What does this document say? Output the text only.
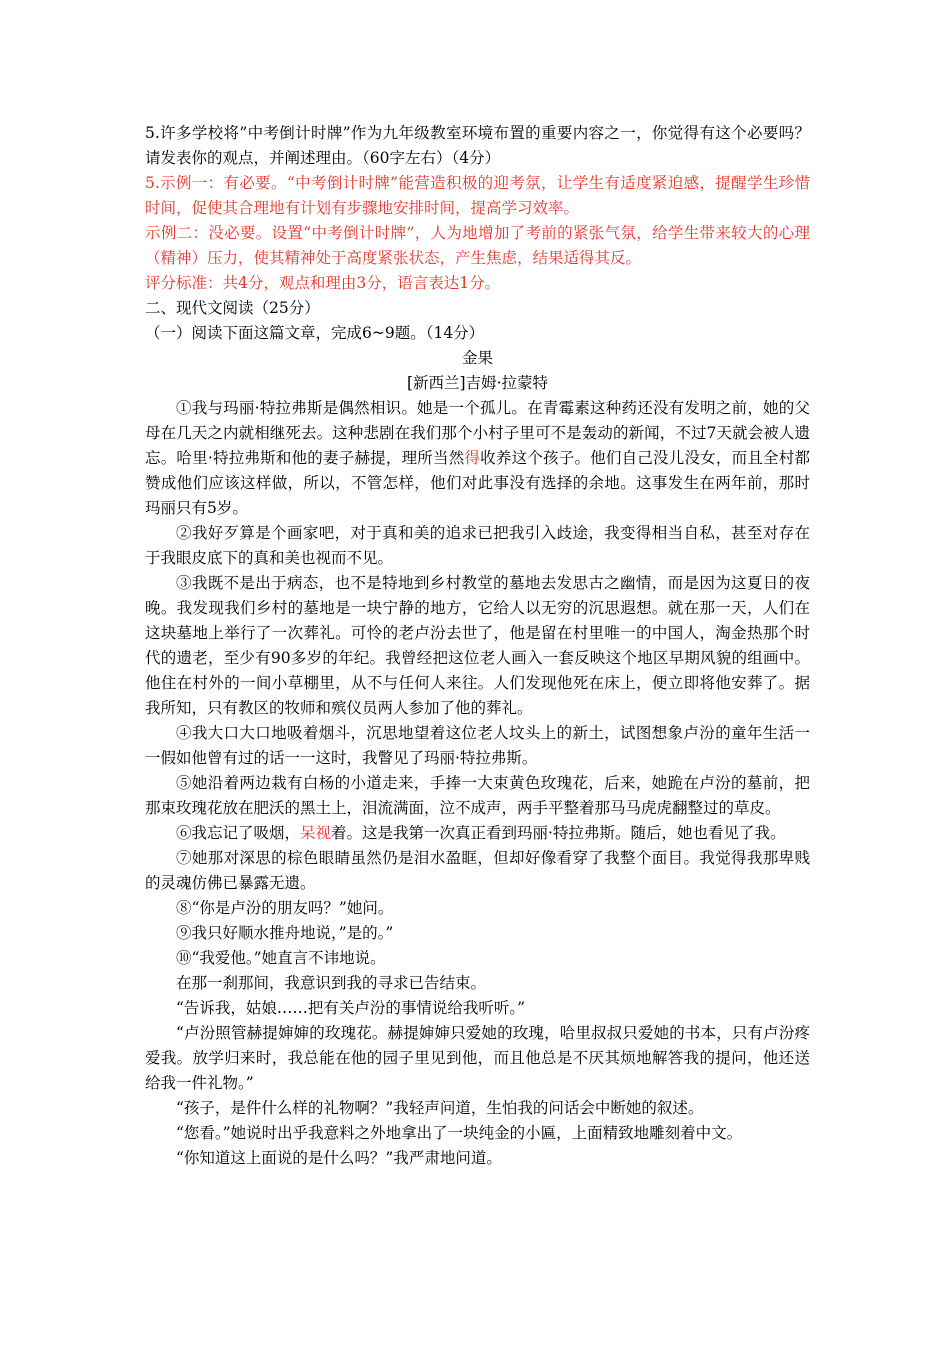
5.许多学校将”中考倒计时牌”作为九年级教室环境布置的重要内容之一，你觉得有这个必要吗？请发表你的观点，并阐述理由。（60字左右）（4分）

5.示例一：有必要。“中考倒计时牌”能营造积极的迎考氛，让学生有适度紧迫感，提醒学生珍惜时间，促使其合理地有计划有步骤地安排时间，提高学习效率。

示例二：没必要。设置“中考倒计时牌”，人为地增加了考前的紧张气氛，给学生带来较大的心理（精神）压力，使其精神处于高度紧张状态，产生焦虑，结果适得其反。

评分标准：共4分，观点和理由3分，语言表达1分。

二、现代文阅读（25分）

（一）阅读下面这篇文章，完成6~9题。（14分）

金果

[新西兰]吉姆·拉蒙特

①我与玛丽·特拉弗斯是偶然相识。她是一个孤儿。在青霉素这种药还没有发明之前，她的父母在几天之内就相继死去。这种悲剧在我们那个小村子里可不是轰动的新闻，不过7天就会被人遗忘。哈里·特拉弗斯和他的妻子赫提，理所当然得收养这个孩子。他们自己没儿没女，而且全村都赞成他们应该这样做，所以，不管怎样，他们对此事没有选择的余地。这事发生在两年前，那时玛丽只有5岁。

②我好歹算是个画家吧，对于真和美的追求已把我引入歧途，我变得相当自私，甚至对存在于我眼皮底下的真和美也视而不见。

③我既不是出于病态，也不是特地到乡村教堂的墓地去发思古之幽情，而是因为这夏日的夜晚。我发现我们乡村的墓地是一块宁静的地方，它给人以无穷的沉思遐想。就在那一天，人们在这块墓地上举行了一次葬礼。可怜的老卢汾去世了，他是留在村里唯一的中国人，淘金热那个时代的遗老，至少有90多岁的年纪。我曾经把这位老人画入一套反映这个地区早期风貌的组画中。他住在村外的一间小草棚里，从不与任何人来往。人们发现他死在床上，便立即将他安葬了。据我所知，只有教区的牧师和殡仪员两人参加了他的葬礼。

④我大口大口地吸着烟斗，沉思地望着这位老人坟头上的新土，试图想象卢汾的童年生活一一假如他曾有过的话一一这时，我瞥见了玛丽·特拉弗斯。

⑤她沿着两边栽有白杨的小道走来，手捧一大束黄色玫瑰花，后来，她跪在卢汾的墓前，把那束玫瑰花放在肥沃的黑土上，泪流满面，泣不成声，两手平整着那马马虎虎翻整过的草皮。

⑥我忘记了吸烟，呆视着。这是我第一次真正看到玛丽·特拉弗斯。随后，她也看见了我。

⑦她那对深思的棕色眼睛虽然仍是泪水盈眶，但却好像看穿了我整个面目。我觉得我那卑贱的灵魂仿佛已暴露无遗。

⑧“你是卢汾的朋友吗？”她问。

⑨我只好顺水推舟地说，”是的。”

⑩“我爱他。”她直言不讳地说。

在那一刹那间，我意识到我的寻求已告结束。

“告诉我，姑娘……把有关卢汾的事情说给我听听。”

“卢汾照管赫提婶婶的玫瑰花。赫提婶婶只爱她的玫瑰，哈里叔叔只爱她的书本，只有卢汾疼爱我。放学归来时，我总能在他的园子里见到他，而且他总是不厌其烦地解答我的提问，他还送给我一件礼物。”

“孩子，是件什么样的礼物啊？”我轻声问道，生怕我的问话会中断她的叙述。

“您看。”她说时出乎我意料之外地拿出了一块纯金的小匾，上面精致地雕刻着中文。

“你知道这上面说的是什么吗？”我严肃地问道。
